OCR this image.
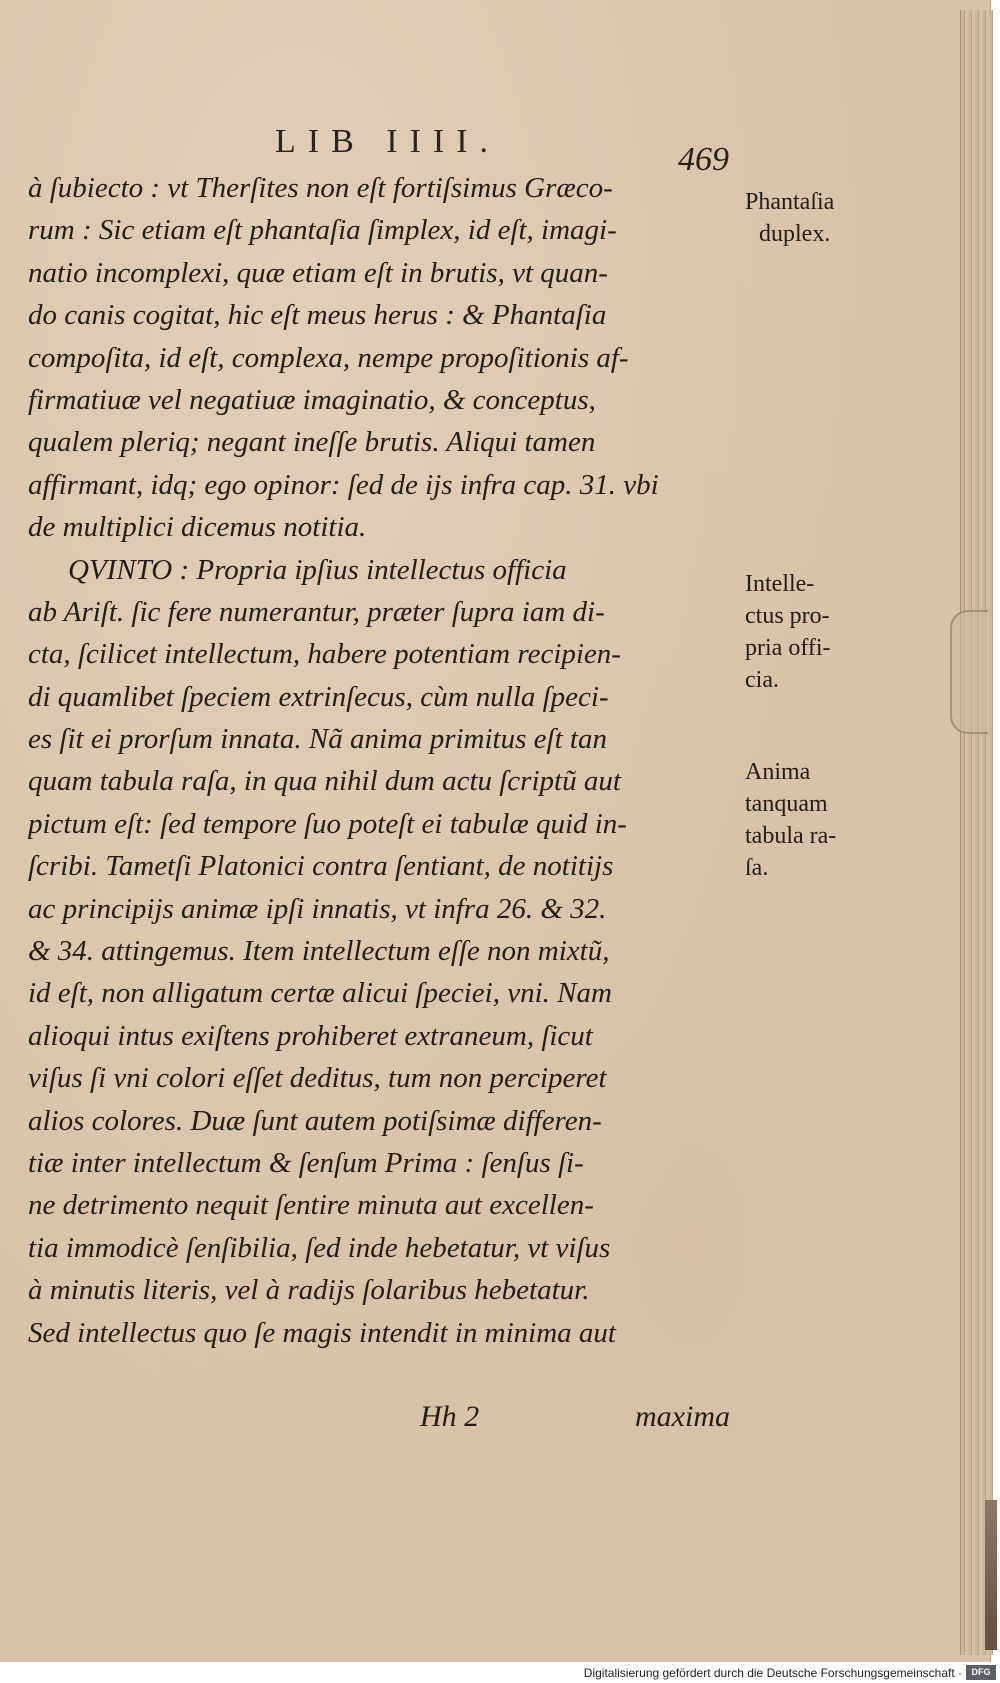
LIB IIII.	469
à ſubiecto : vt Therſites non eſt fortiſsimus Græco-
rum : Sic etiam eſt phantaſia ſimplex, id eſt, imagi-
natio incomplexi, quæ etiam eſt in brutis, vt quan-
do canis cogitat, hic eſt meus herus : & Phantaſia
compoſita, id eſt, complexa, nempe propoſitionis af-
firmatiuæ vel negatiuæ imaginatio, & conceptus,
qualem pleriq; negant ineſſe brutis. Aliqui tamen
affirmant, idq; ego opinor: ſed de ijs infra cap. 31. vbi
de multiplici dicemus notitia.
QVINTO : Propria ipſius intellectus officia
ab Ariſt. ſic fere numerantur, præter ſupra iam di-
cta, ſcilicet intellectum, habere potentiam recipien-
di quamlibet ſpeciem extrinſecus, cùm nulla ſpeci-
es ſit ei prorſum innata. Nã anima primitus eſt tan
quam tabula raſa, in qua nihil dum actu ſcriptũ aut
pictum eſt: ſed tempore ſuo poteſt ei tabulæ quid in-
ſcribi. Tametſi Platonici contra ſentiant, de notitijs
ac principijs animæ ipſi innatis, vt infra 26. & 32.
& 34. attingemus. Item intellectum eſſe non mixtũ,
id eſt, non alligatum certæ alicui ſpeciei, vni. Nam
alioqui intus exiſtens prohiberet extraneum, ſicut
viſus ſi vni colori eſſet deditus, tum non perciperet
alios colores. Duæ ſunt autem potiſsimæ differen-
tiæ inter intellectum & ſenſum Prima : ſenſus ſi-
ne detrimento nequit ſentire minuta aut excellen-
tia immodicè ſenſibilia, ſed inde hebetatur, vt viſus
à minutis literis, vel à radijs ſolaribus hebetatur.
Sed intellectus quo ſe magis intendit in minima aut
Hh 2	maxima
Phantaſia
duplex.
Intelle-
ctus pro-
pria offi-
cia.
Anima
tanquam
tabula ra-
ſa.
Digitalisierung gefördert durch die Deutsche Forschungsgemeinschaft ·	DFG
